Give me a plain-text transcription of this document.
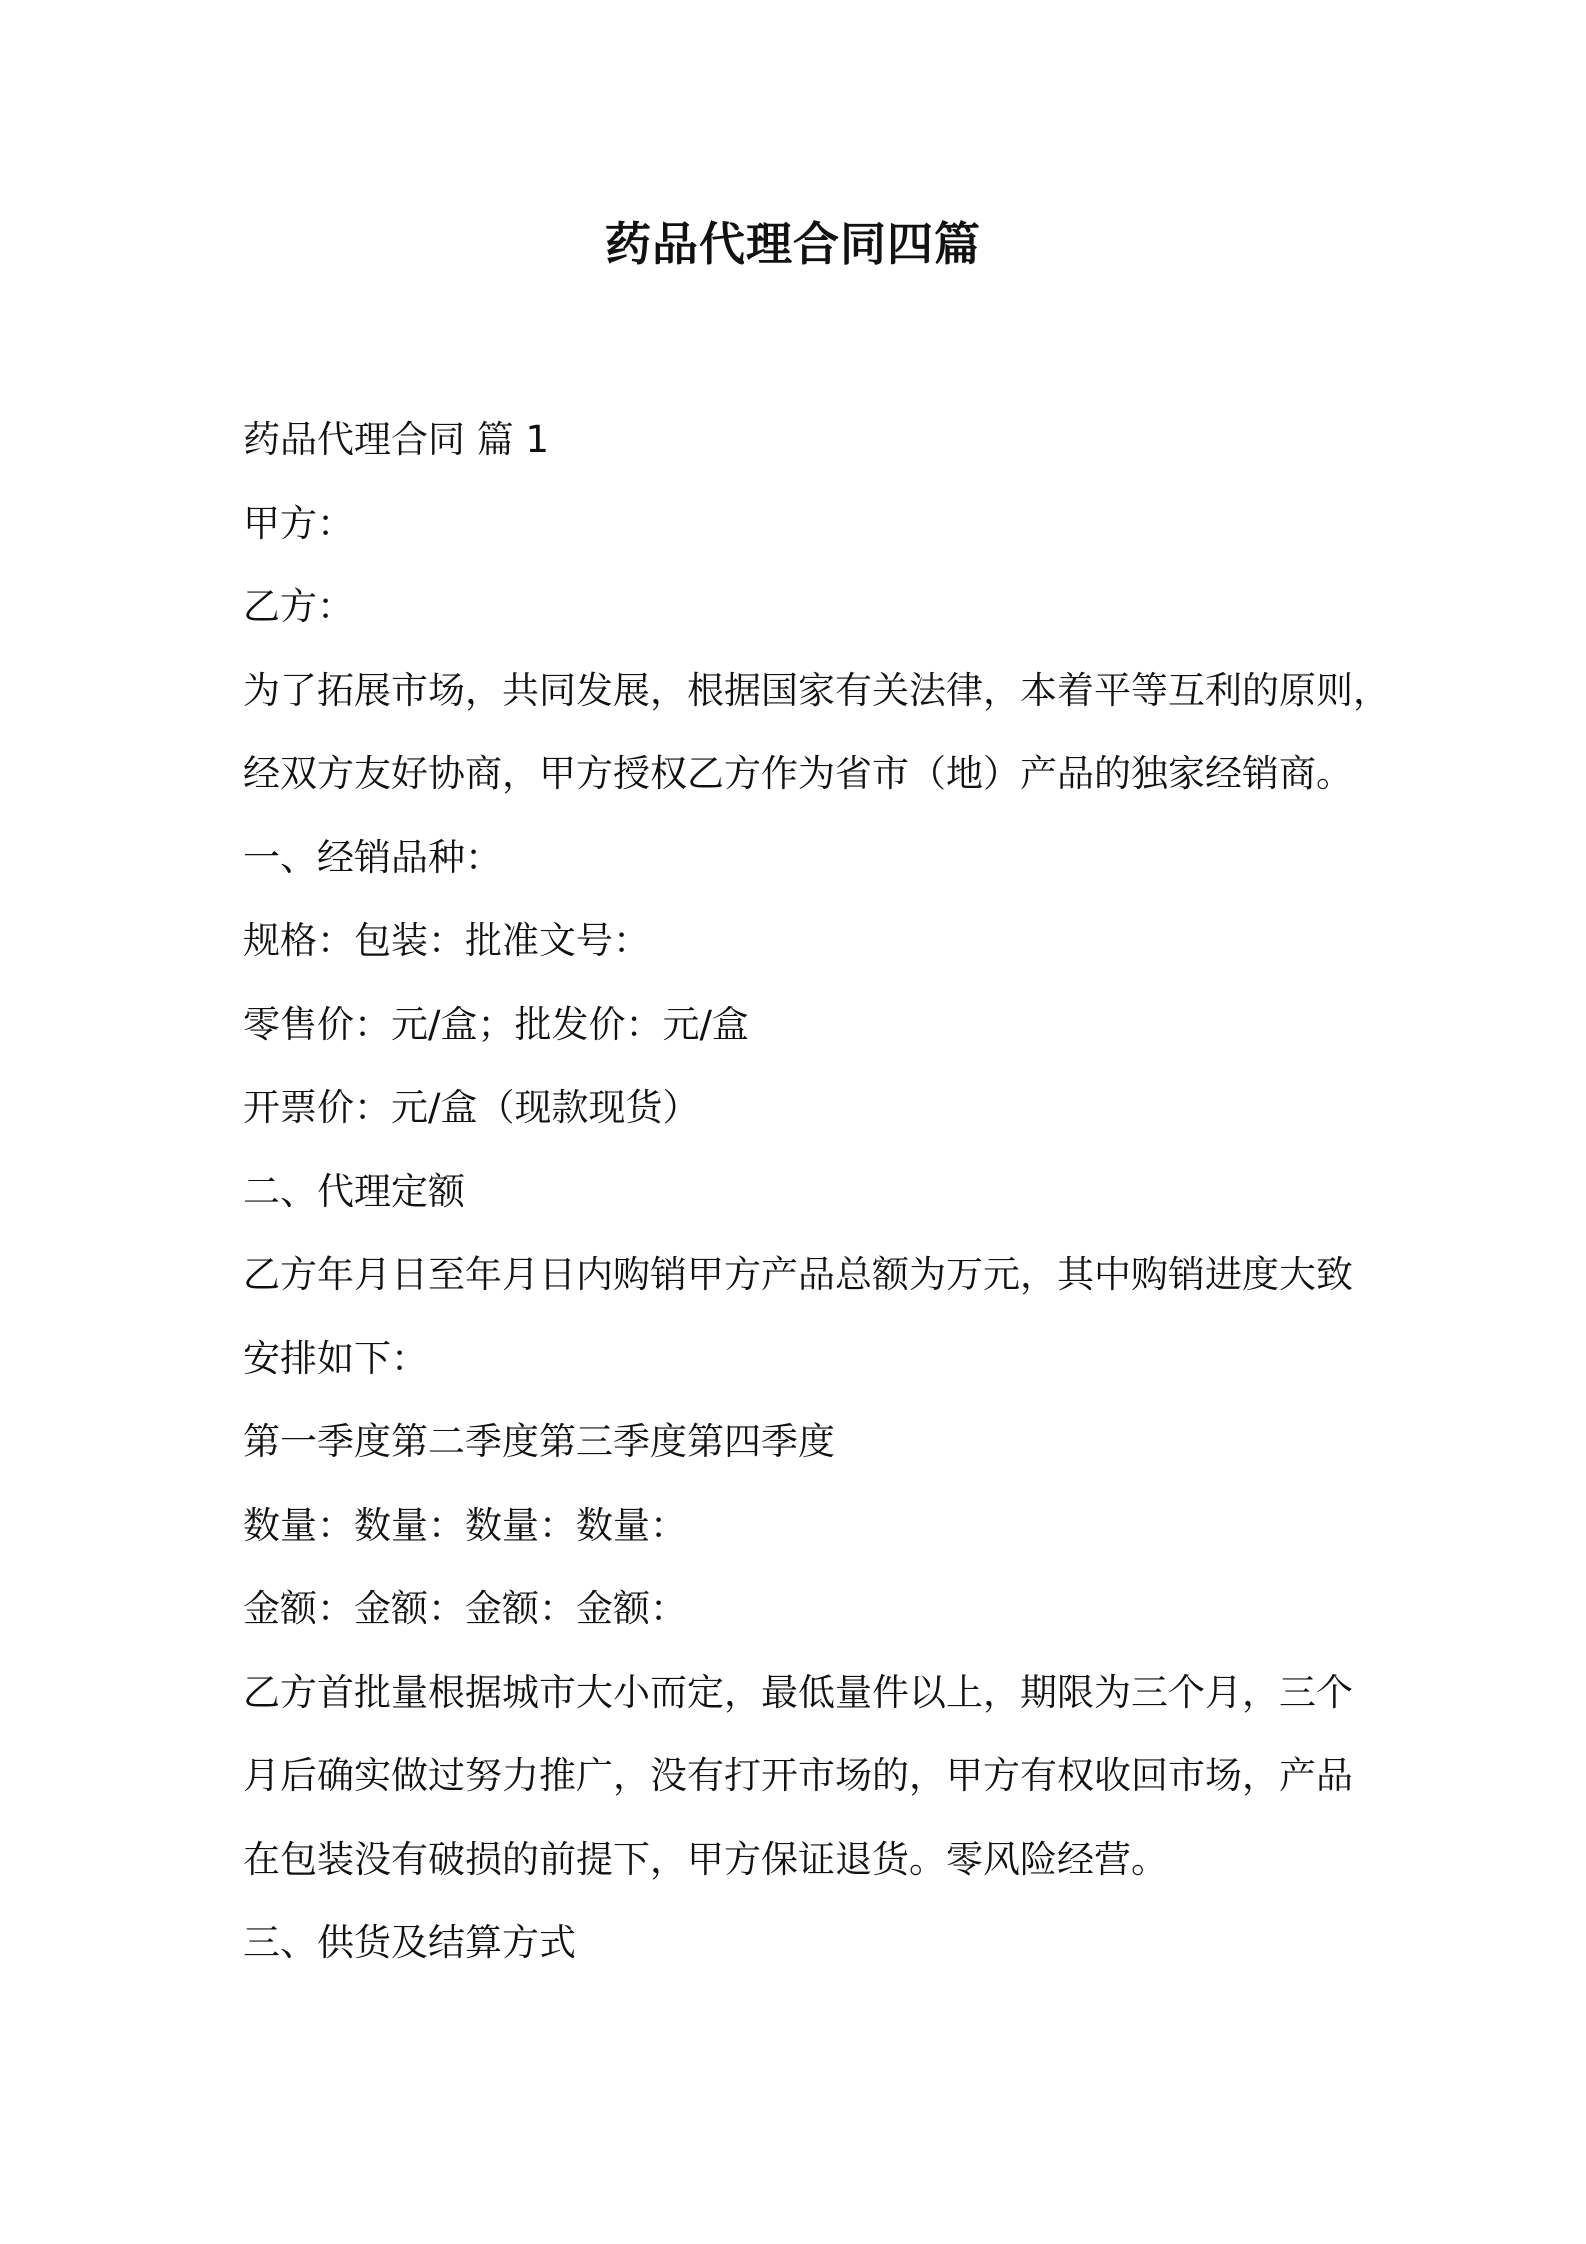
药品代理合同四篇
药品代理合同 篇 1
甲方：
乙方：
为了拓展市场，共同发展，根据国家有关法律，本着平等互利的原则，
经双方友好协商，甲方授权乙方作为省市（地）产品的独家经销商。
一、经销品种：
规格：包装：批准文号：
零售价：元/盒；批发价：元/盒
开票价：元/盒（现款现货）
二、代理定额
乙方年月日至年月日内购销甲方产品总额为万元，其中购销进度大致
安排如下：
第一季度第二季度第三季度第四季度
数量：数量：数量：数量：
金额：金额：金额：金额：
乙方首批量根据城市大小而定，最低量件以上，期限为三个月，三个
月后确实做过努力推广，没有打开市场的，甲方有权收回市场，产品
在包装没有破损的前提下，甲方保证退货。零风险经营。
三、供货及结算方式
